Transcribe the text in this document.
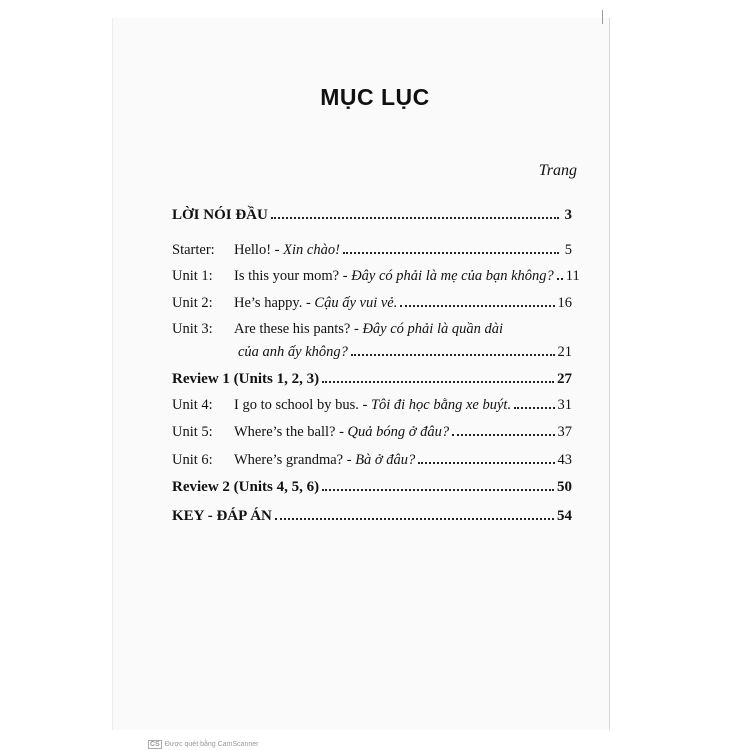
MỤC LỤC
Trang
LỜI NÓI ĐẦU	3
Starter:	Hello! - Xin chào!	5
Unit 1:	Is this your mom? - Đây có phải là mẹ của bạn không? 11
Unit 2:	He’s happy. - Cậu ấy vui vẻ.	16
Unit 3:	Are these his pants? - Đây có phải là quần dài
của anh ấy không?	21
Review 1 (Units 1, 2, 3)	27
Unit 4:	I go to school by bus. - Tôi đi học bằng xe buýt.	31
Unit 5:	Where’s the ball? - Quả bóng ở đâu?	37
Unit 6:	Where’s grandma? - Bà ở đâu?	43
Review 2 (Units 4, 5, 6)	50
KEY - ĐÁP ÁN	54
CS Được quét bằng CamScanner
